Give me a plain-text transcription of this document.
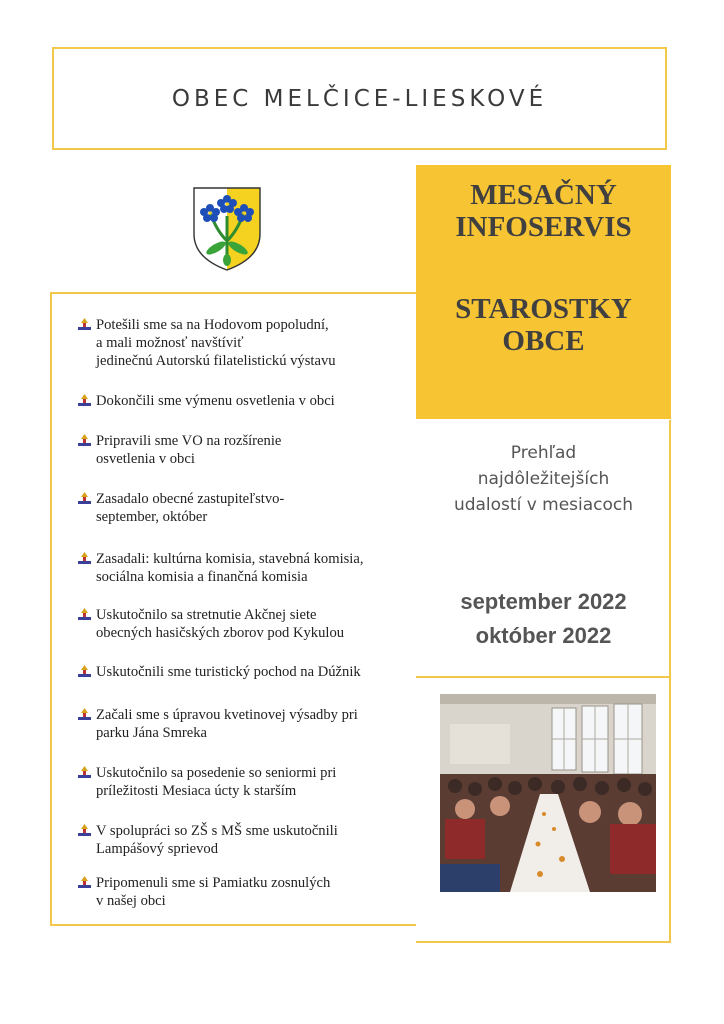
OBEC MELČICE-LIESKOVÉ
MESAČNÝ
INFOSERVIS
STAROSTKY
OBCE
Prehľad
najdôležitejších
udalostí v mesiacoch
september 2022
október 2022
Potešili sme sa na Hodovom popoludní,
a mali možnosť navštíviť
jedinečnú Autorskú filatelistickú výstavu
Dokončili sme výmenu osvetlenia v obci
Pripravili sme VO na rozšírenie
osvetlenia v obci
Zasadalo obecné zastupiteľstvo-
september, október
Zasadali: kultúrna komisia, stavebná komisia,
sociálna komisia a finančná komisia
Uskutočnilo sa stretnutie Akčnej siete
obecných hasičských zborov pod Kykulou
Uskutočnili sme turistický pochod na Dúžnik
Začali sme s úpravou kvetinovej výsadby pri
parku Jána Smreka
Uskutočnilo sa posedenie so seniormi pri
príležitosti Mesiaca úcty k starším
V spolupráci so ZŠ s MŠ sme uskutočnili
Lampášový sprievod
Pripomenuli sme si Pamiatku zosnulých
v našej obci
